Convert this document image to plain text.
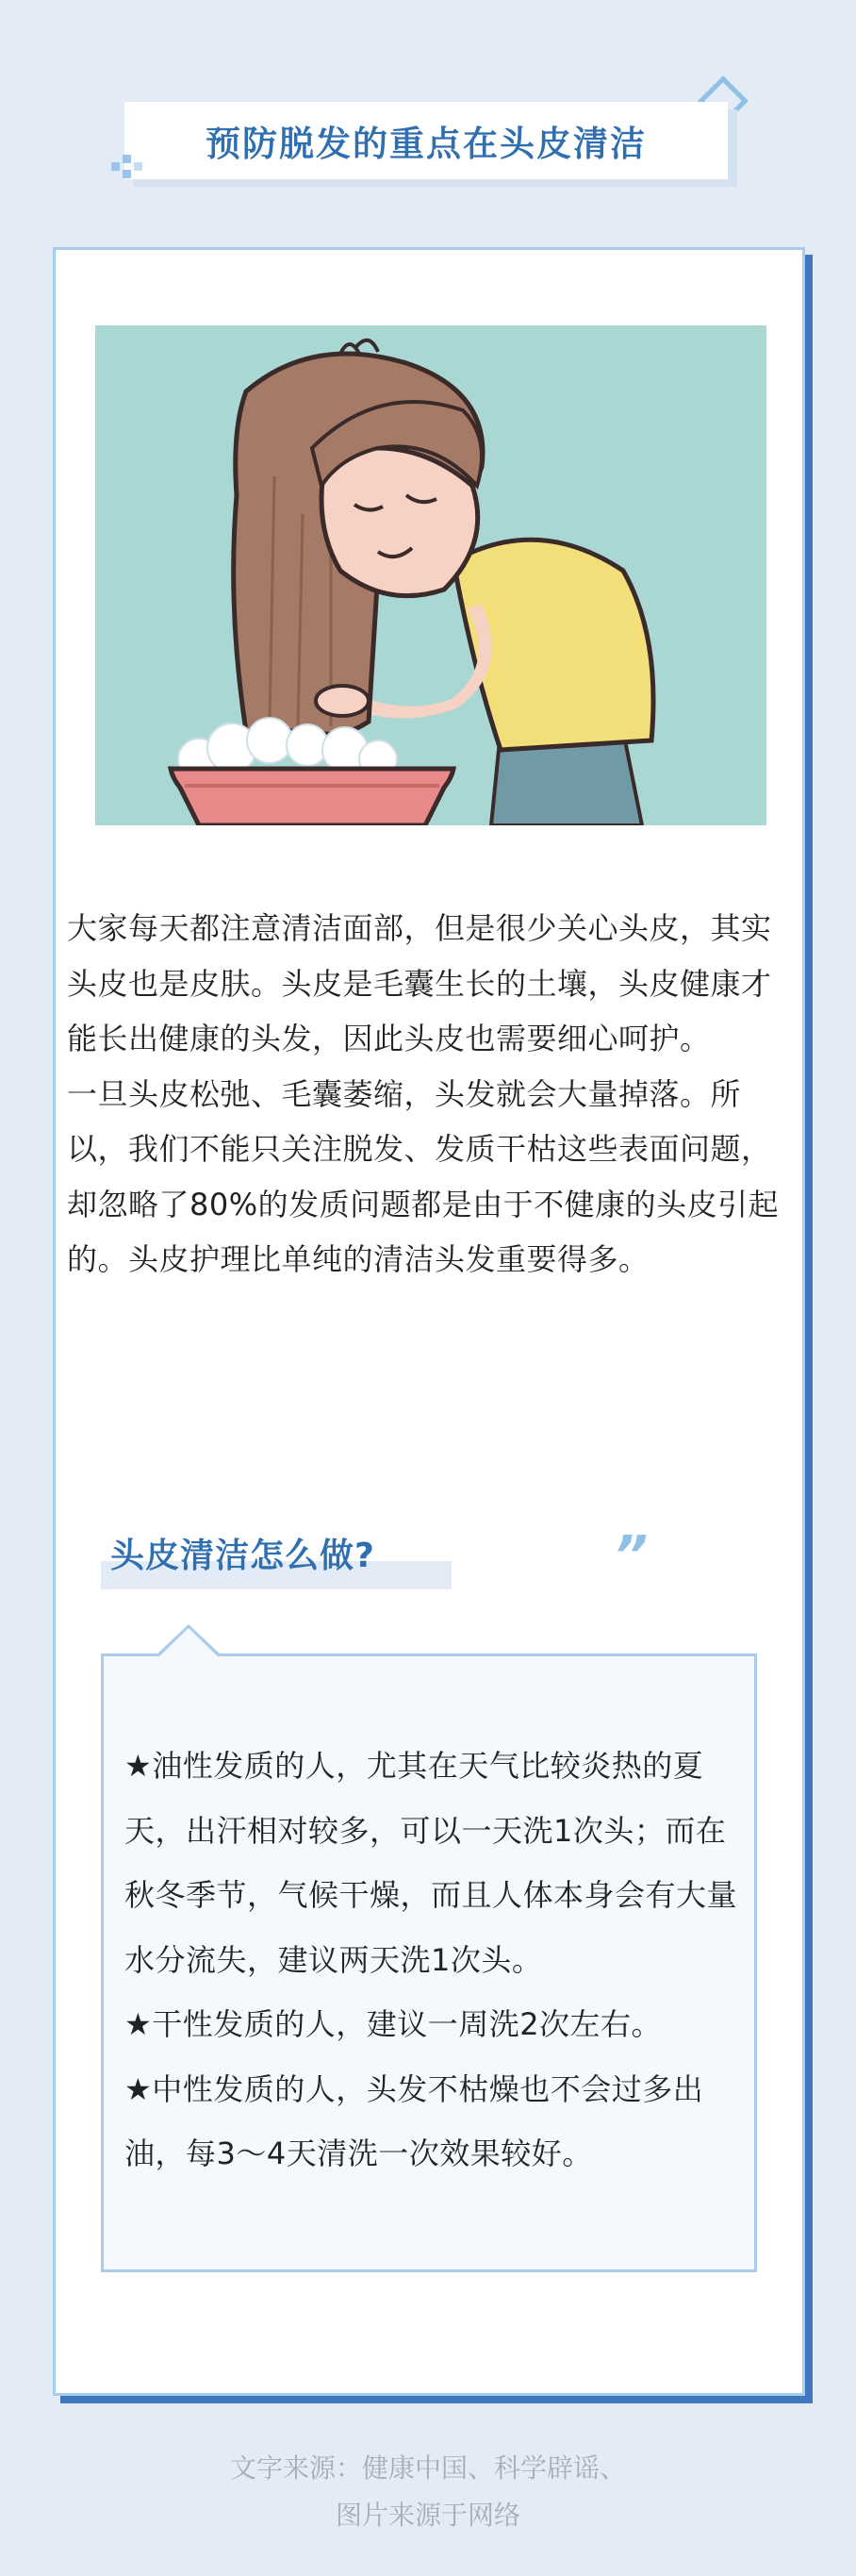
预防脱发的重点在头皮清洁

大家每天都注意清洁面部，但是很少关心头皮，其实头皮也是皮肤。头皮是毛囊生长的土壤，头皮健康才能长出健康的头发，因此头皮也需要细心呵护。

一旦头皮松弛、毛囊萎缩，头发就会大量掉落。所以，我们不能只关注脱发、发质干枯这些表面问题，却忽略了80%的发质问题都是由于不健康的头皮引起的。头皮护理比单纯的清洁头发重要得多。

头皮清洁怎么做?	”

★油性发质的人，尤其在天气比较炎热的夏天，出汗相对较多，可以一天洗1次头；而在秋冬季节，气候干燥，而且人体本身会有大量水分流失，建议两天洗1次头。

★干性发质的人，建议一周洗2次左右。

★中性发质的人，头发不枯燥也不会过多出油，每3～4天清洗一次效果较好。

文字来源：健康中国、科学辟谣、
图片来源于网络
